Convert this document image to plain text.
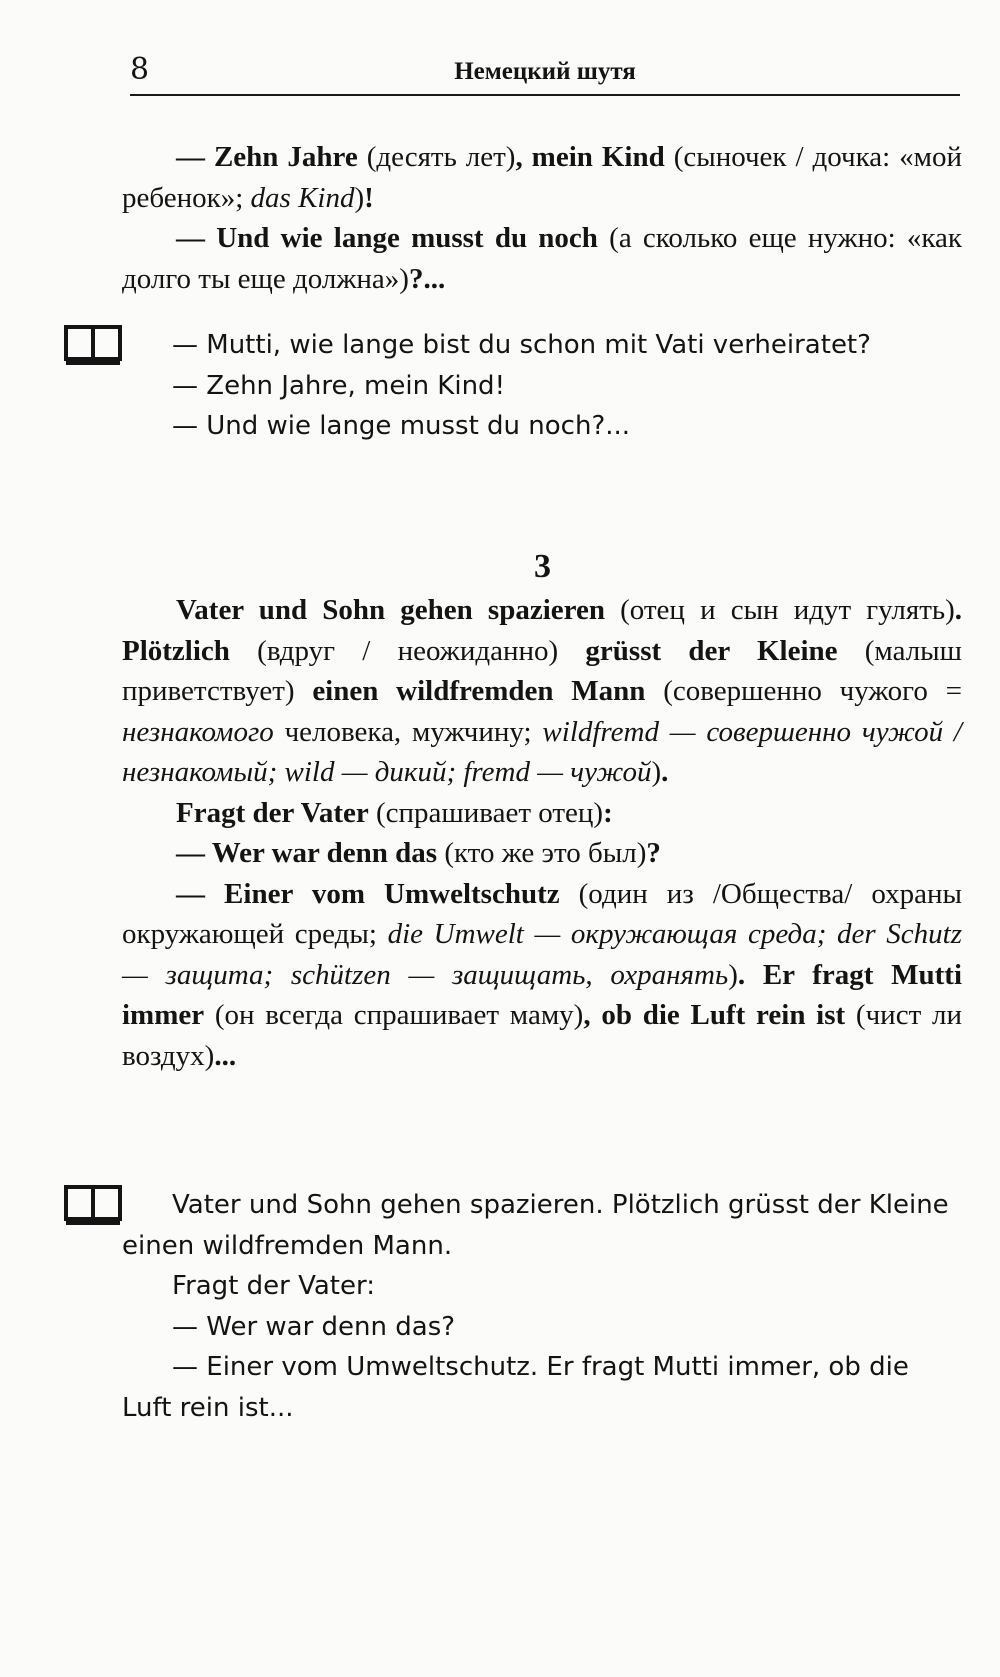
8	Немецкий шутя

— Zehn Jahre (десять лет), mein Kind (сыночек / дочка: «мой ребенок»; das Kind)!

— Und wie lange musst du noch (а сколько еще нужно: «как долго ты еще должна»)?...

— Mutti, wie lange bist du schon mit Vati verheiratet?

— Zehn Jahre, mein Kind!

— Und wie lange musst du noch?...

3

Vater und Sohn gehen spazieren (отец и сын идут гулять). Plötzlich (вдруг / неожиданно) grüsst der Kleine (малыш приветствует) einen wildfremden Mann (совершенно чужого = незнакомого человека, мужчину; wildfremd — совершенно чужой / незнакомый; wild — дикий; fremd — чужой).

Fragt der Vater (спрашивает отец):

— Wer war denn das (кто же это был)?

— Einer vom Umweltschutz (один из /Общества/ охраны окружающей среды; die Umwelt — окружающая среда; der Schutz — защита; schützen — защищать, охранять). Er fragt Mutti immer (он всегда спрашивает маму), ob die Luft rein ist (чист ли воздух)...

Vater und Sohn gehen spazieren. Plötzlich grüsst der Kleine einen wildfremden Mann.

Fragt der Vater:

— Wer war denn das?

— Einer vom Umweltschutz. Er fragt Mutti immer, ob die Luft rein ist...
